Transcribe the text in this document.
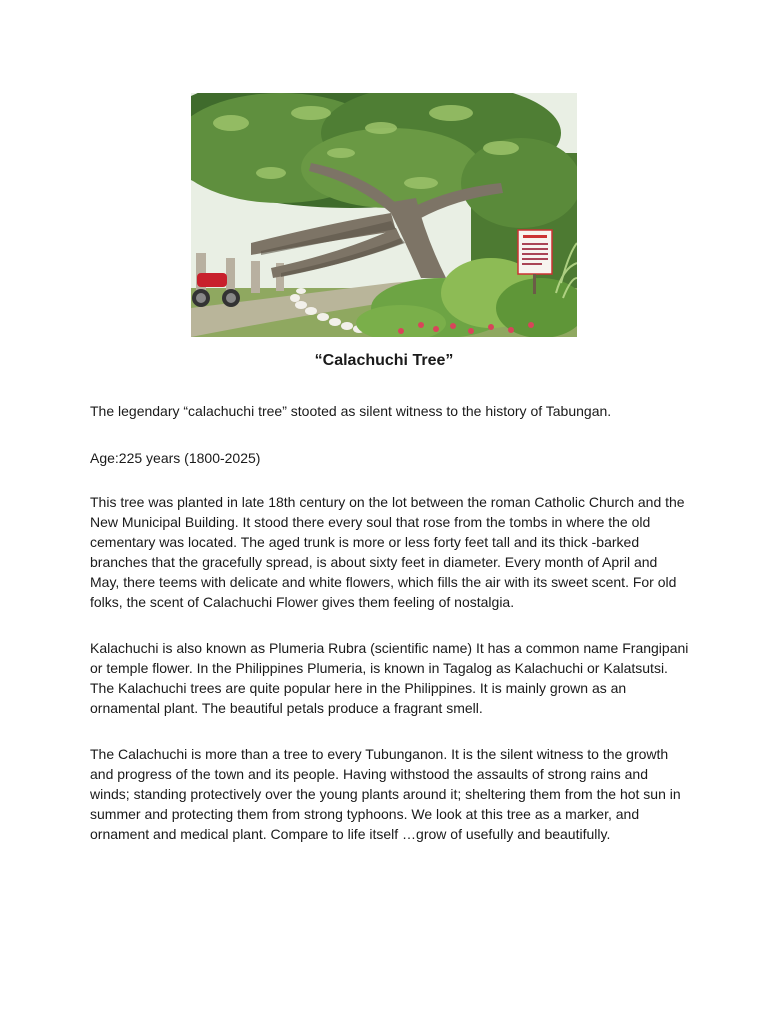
“Calachuchi Tree”

The legendary “calachuchi tree” stooted as silent witness to the history of Tabungan.

Age:225 years (1800-2025)

This tree was planted in late 18th century on the lot between the roman Catholic Church and the New Municipal Building. It stood there every soul that rose from the tombs in where the old cementary was located. The aged trunk is more or less forty feet tall and its thick -barked branches that the gracefully spread, is about sixty feet in diameter. Every month of April and May, there teems with delicate and white flowers, which fills the air with its sweet scent. For old folks, the scent of Calachuchi Flower gives them feeling of nostalgia.

Kalachuchi is also known as Plumeria Rubra (scientific name) It has a common name Frangipani or temple flower. In the Philippines Plumeria, is known in Tagalog as Kalachuchi or Kalatsutsi. The Kalachuchi trees are quite popular here in the Philippines. It is mainly grown as an ornamental plant. The beautiful petals produce a fragrant smell.

The Calachuchi is more than a tree to every Tubunganon. It is the silent witness to the growth and progress of the town and its people. Having withstood the assaults of strong rains and winds; standing protectively over the young plants around it; sheltering them from the hot sun in summer and protecting them from strong typhoons. We look at this tree as a marker, and ornament and medical plant. Compare to life itself …grow of usefully and beautifully.
